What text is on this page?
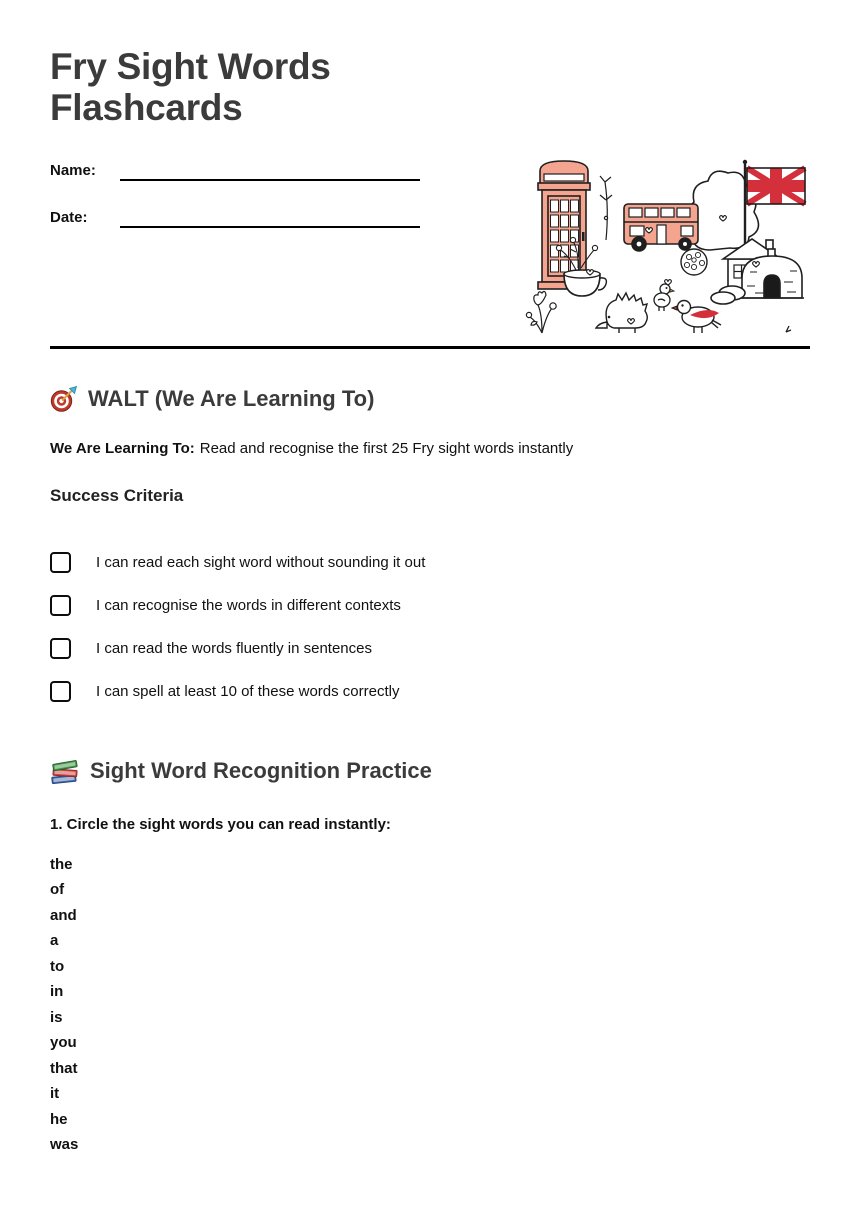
Fry Sight Words Flashcards
Name:
Date:
WALT (We Are Learning To)

We Are Learning To: Read and recognise the first 25 Fry sight words instantly

Success Criteria
I can read each sight word without sounding it out
I can recognise the words in different contexts
I can read the words fluently in sentences
I can spell at least 10 of these words correctly
Sight Word Recognition Practice

1. Circle the sight words you can read instantly:

the
of
and
a
to
in
is
you
that
it
he
was
